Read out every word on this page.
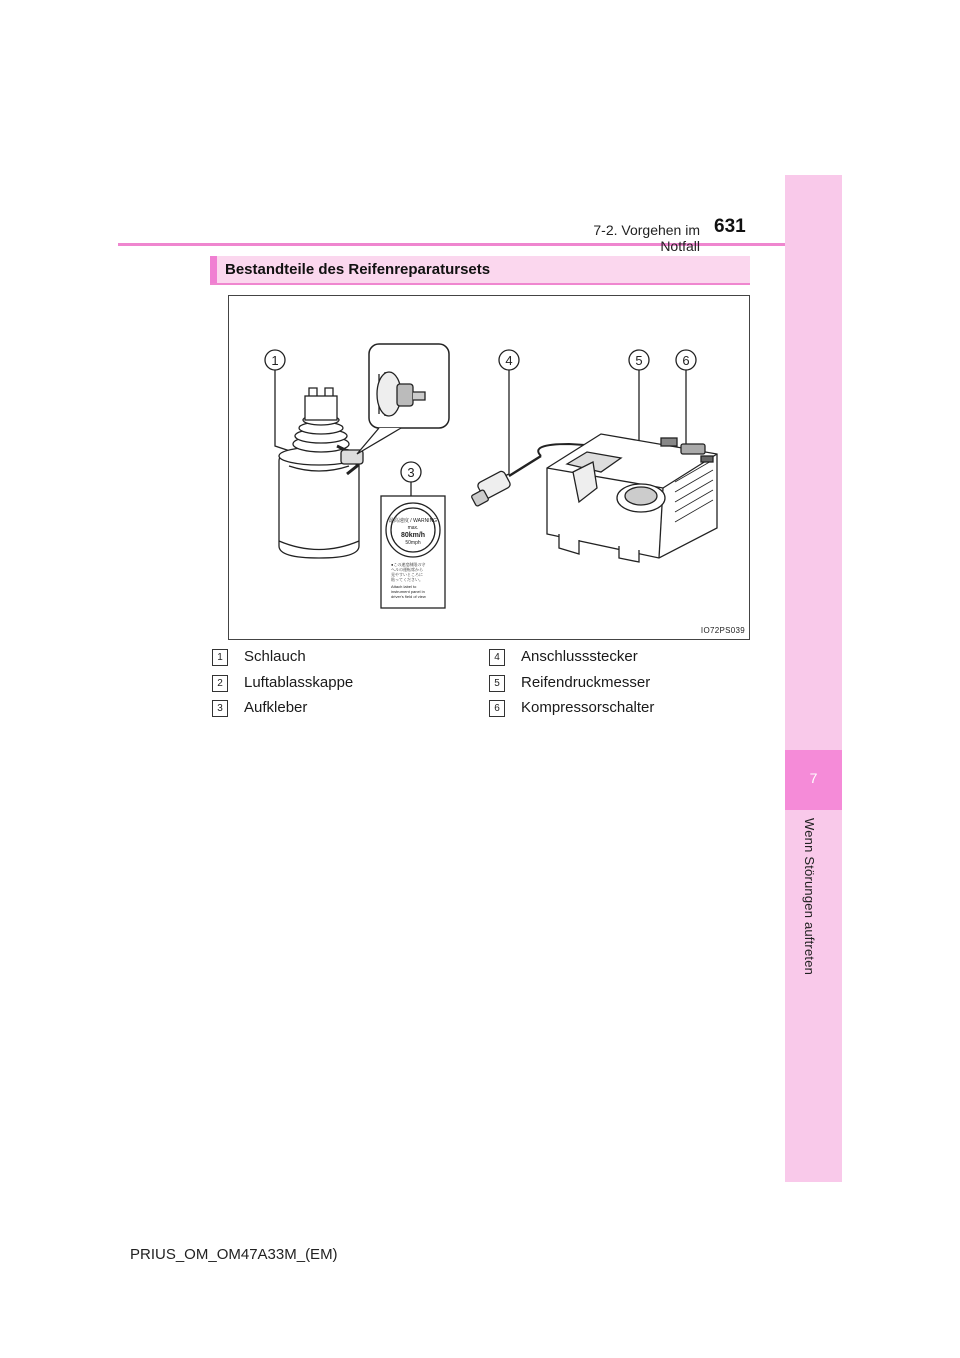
7-2. Vorgehen im Notfall
631
7
Wenn Störungen auftreten
Bestandteile des Reifenreparatursets
1
3
4	5	6
最高速度 / WARNING
max.
80km/h
50mph
●この速度制限の守
ヘルの運転席から
見やすいところに
貼ってください。
Attach label to
instrument panel in
driver's field of view
IO72PS039
1	Schlauch
2	Luftablasskappe
3	Aufkleber
4	Anschlussstecker
5	Reifendruckmesser
6	Kompressorschalter
PRIUS_OM_OM47A33M_(EM)
